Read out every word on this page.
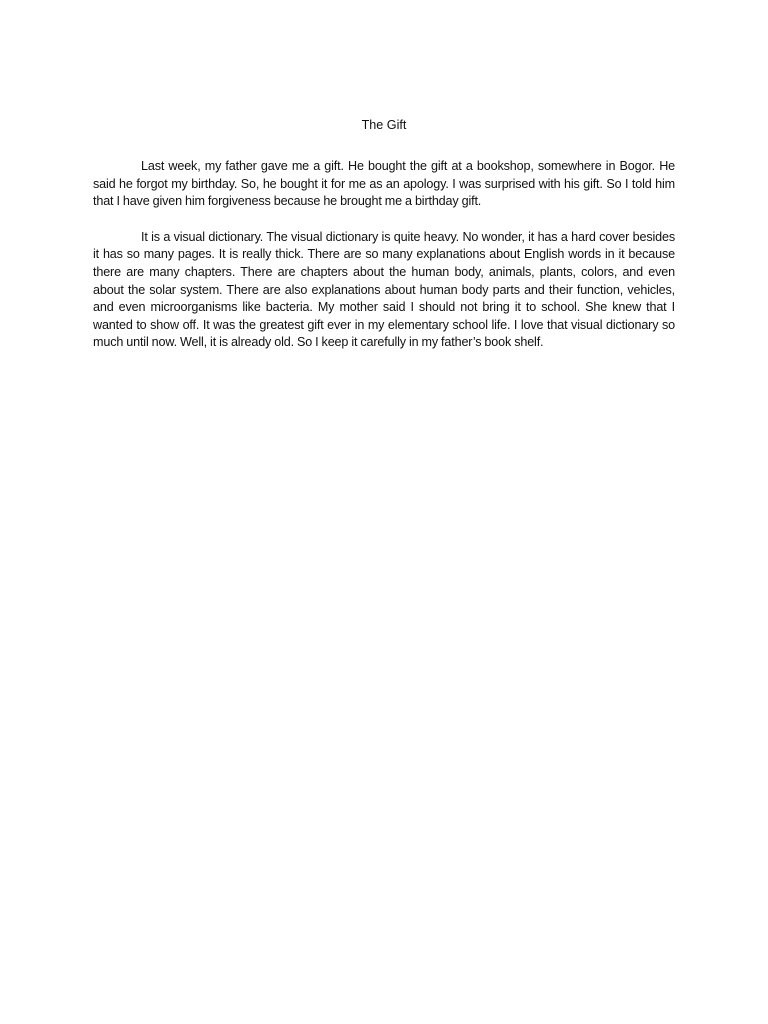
The Gift

Last week, my father gave me a gift. He bought the gift at a bookshop, somewhere in Bogor. He said he forgot my birthday. So, he bought it for me as an apology. I was surprised with his gift. So I told him that I have given him forgiveness because he brought me a birthday gift.

It is a visual dictionary. The visual dictionary is quite heavy. No wonder, it has a hard cover besides it has so many pages. It is really thick. There are so many explanations about English words in it because there are many chapters. There are chapters about the human body, animals, plants, colors, and even about the solar system. There are also explanations about human body parts and their function, vehicles, and even microorganisms like bacteria. My mother said I should not bring it to school. She knew that I wanted to show off. It was the greatest gift ever in my elementary school life. I love that visual dictionary so much until now. Well, it is already old. So I keep it carefully in my father’s book shelf.
